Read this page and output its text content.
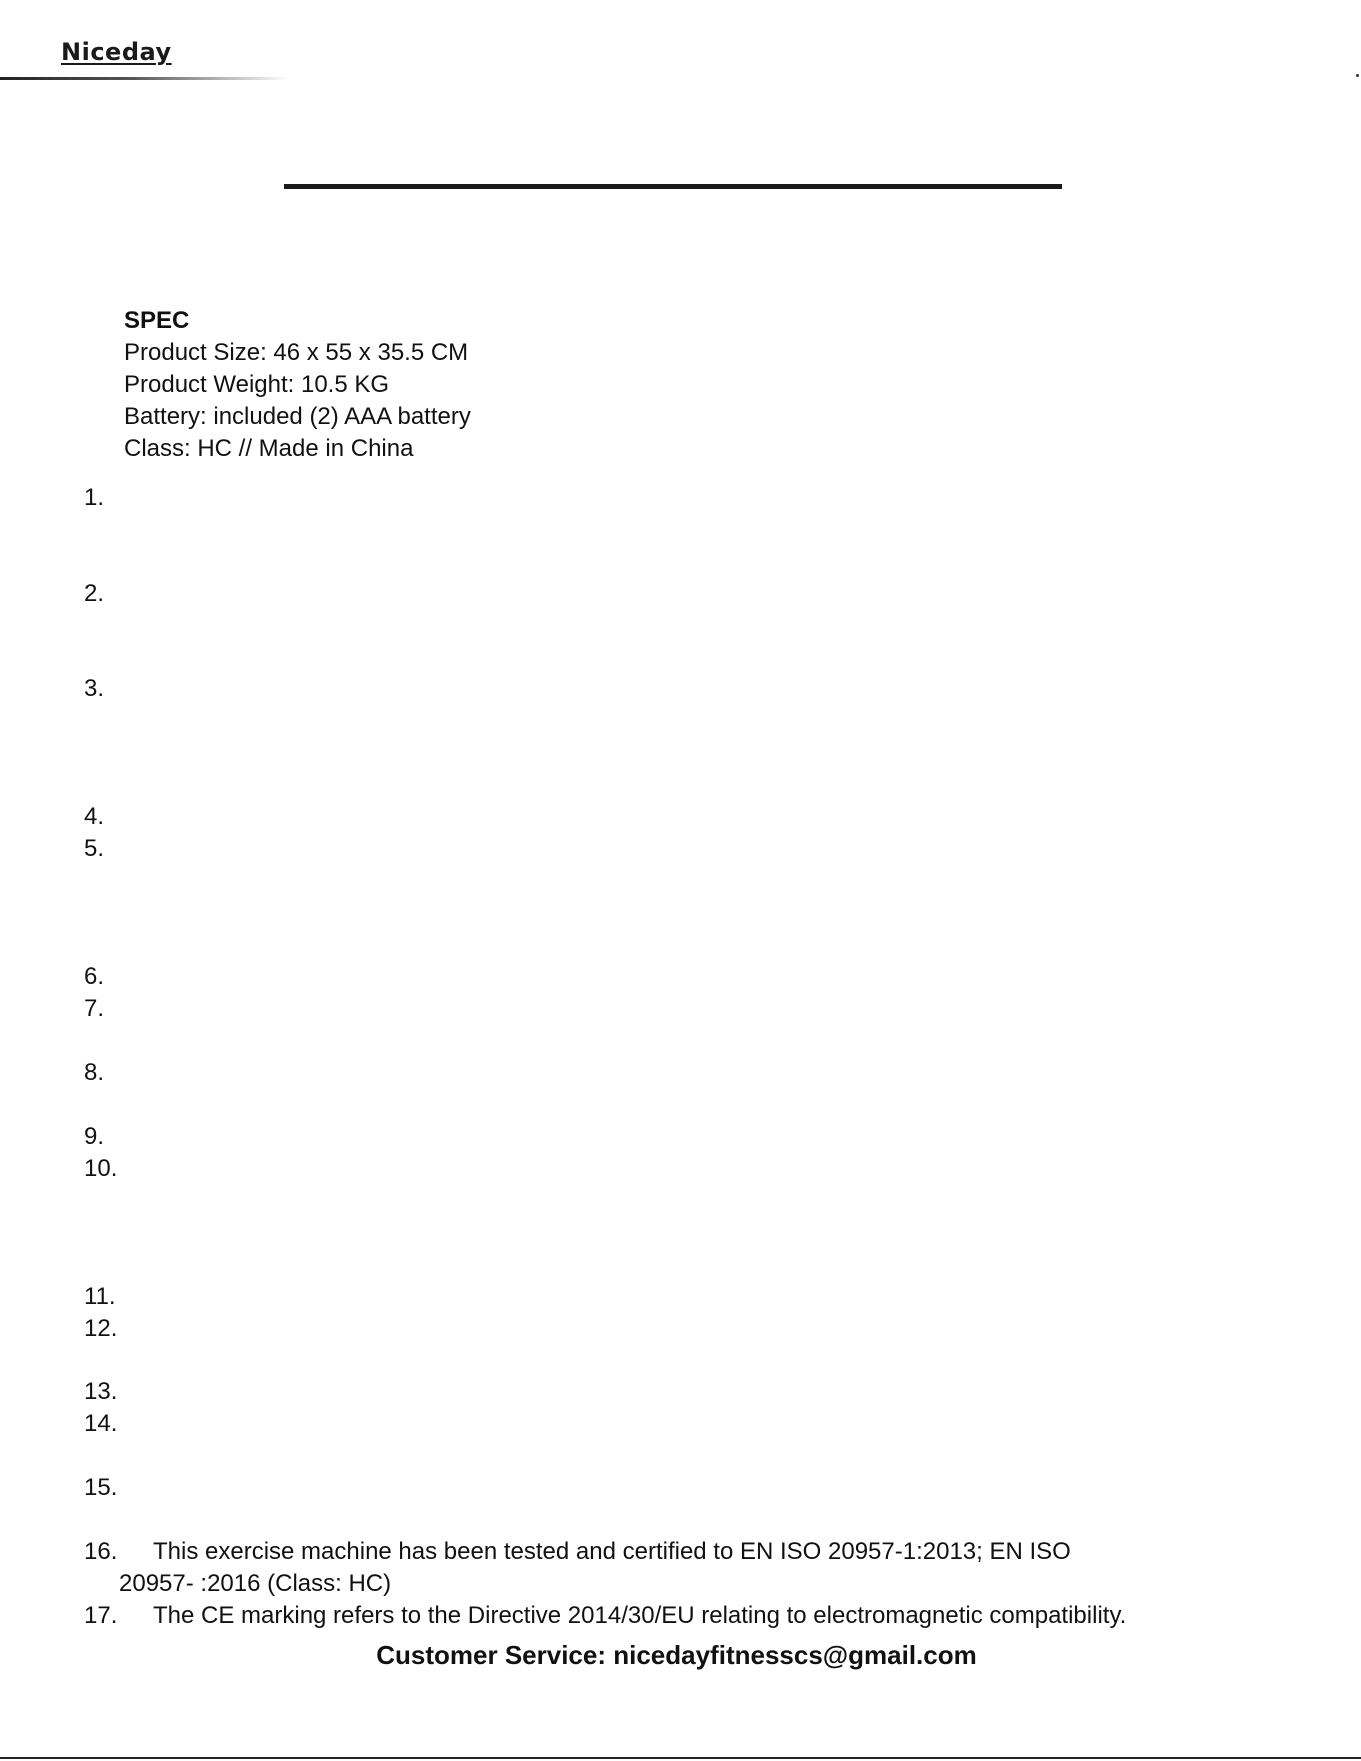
Niceday
SPEC
Product Size: 46 x 55 x 35.5 CM
Product Weight: 10.5 KG
Battery: included (2) AAA battery
Class: HC // Made in China
1.
2.
3.
4.
5.
6.
7.
8.
9.
10.
11.
12.
13.
14.
15.
16. This exercise machine has been tested and certified to EN ISO 20957-1:2013; EN ISO
20957- :2016 (Class: HC)
17. The CE marking refers to the Directive 2014/30/EU relating to electromagnetic compatibility.
Customer Service: nicedayfitnesscs@gmail.com
